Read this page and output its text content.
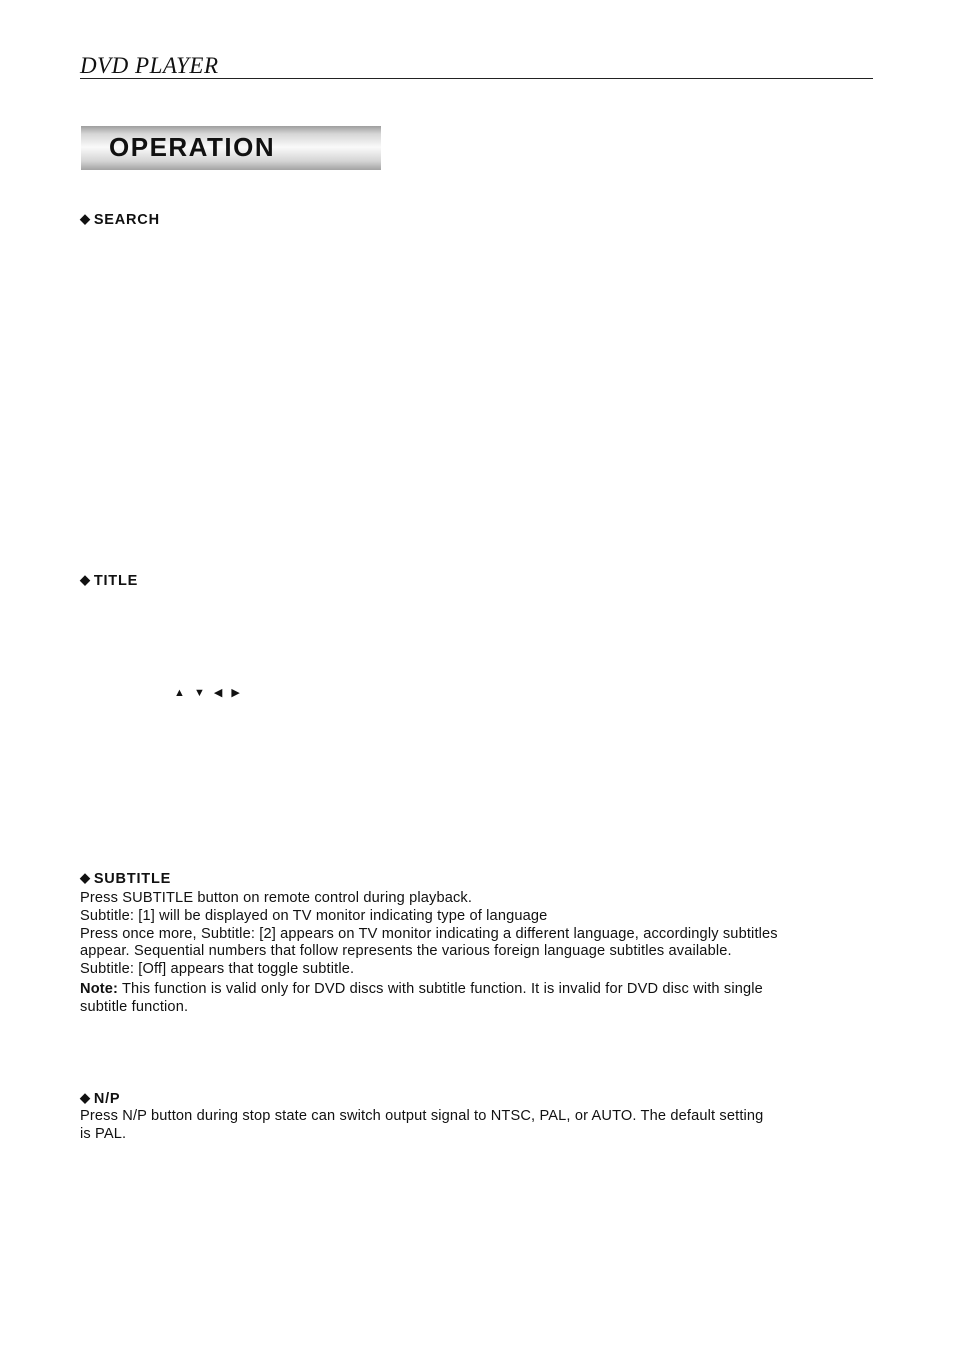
DVD PLAYER
OPERATION
◆ SEARCH
◆ TITLE
▲ ▼ ◀ ▶
◆ SUBTITLE
Press SUBTITLE button on remote control during playback.
Subtitle: [1] will be displayed on TV monitor indicating type of language
Press once more, Subtitle: [2] appears on TV monitor indicating a different language, accordingly subtitles
appear. Sequential numbers that follow represents the various foreign language subtitles available.
Subtitle: [Off] appears that toggle subtitle.
Note: This function is valid only for DVD discs with subtitle function. It is invalid for DVD disc with single
subtitle function.
◆ N/P
Press N/P button during stop state can switch output signal to NTSC, PAL, or AUTO. The default setting
is PAL.
